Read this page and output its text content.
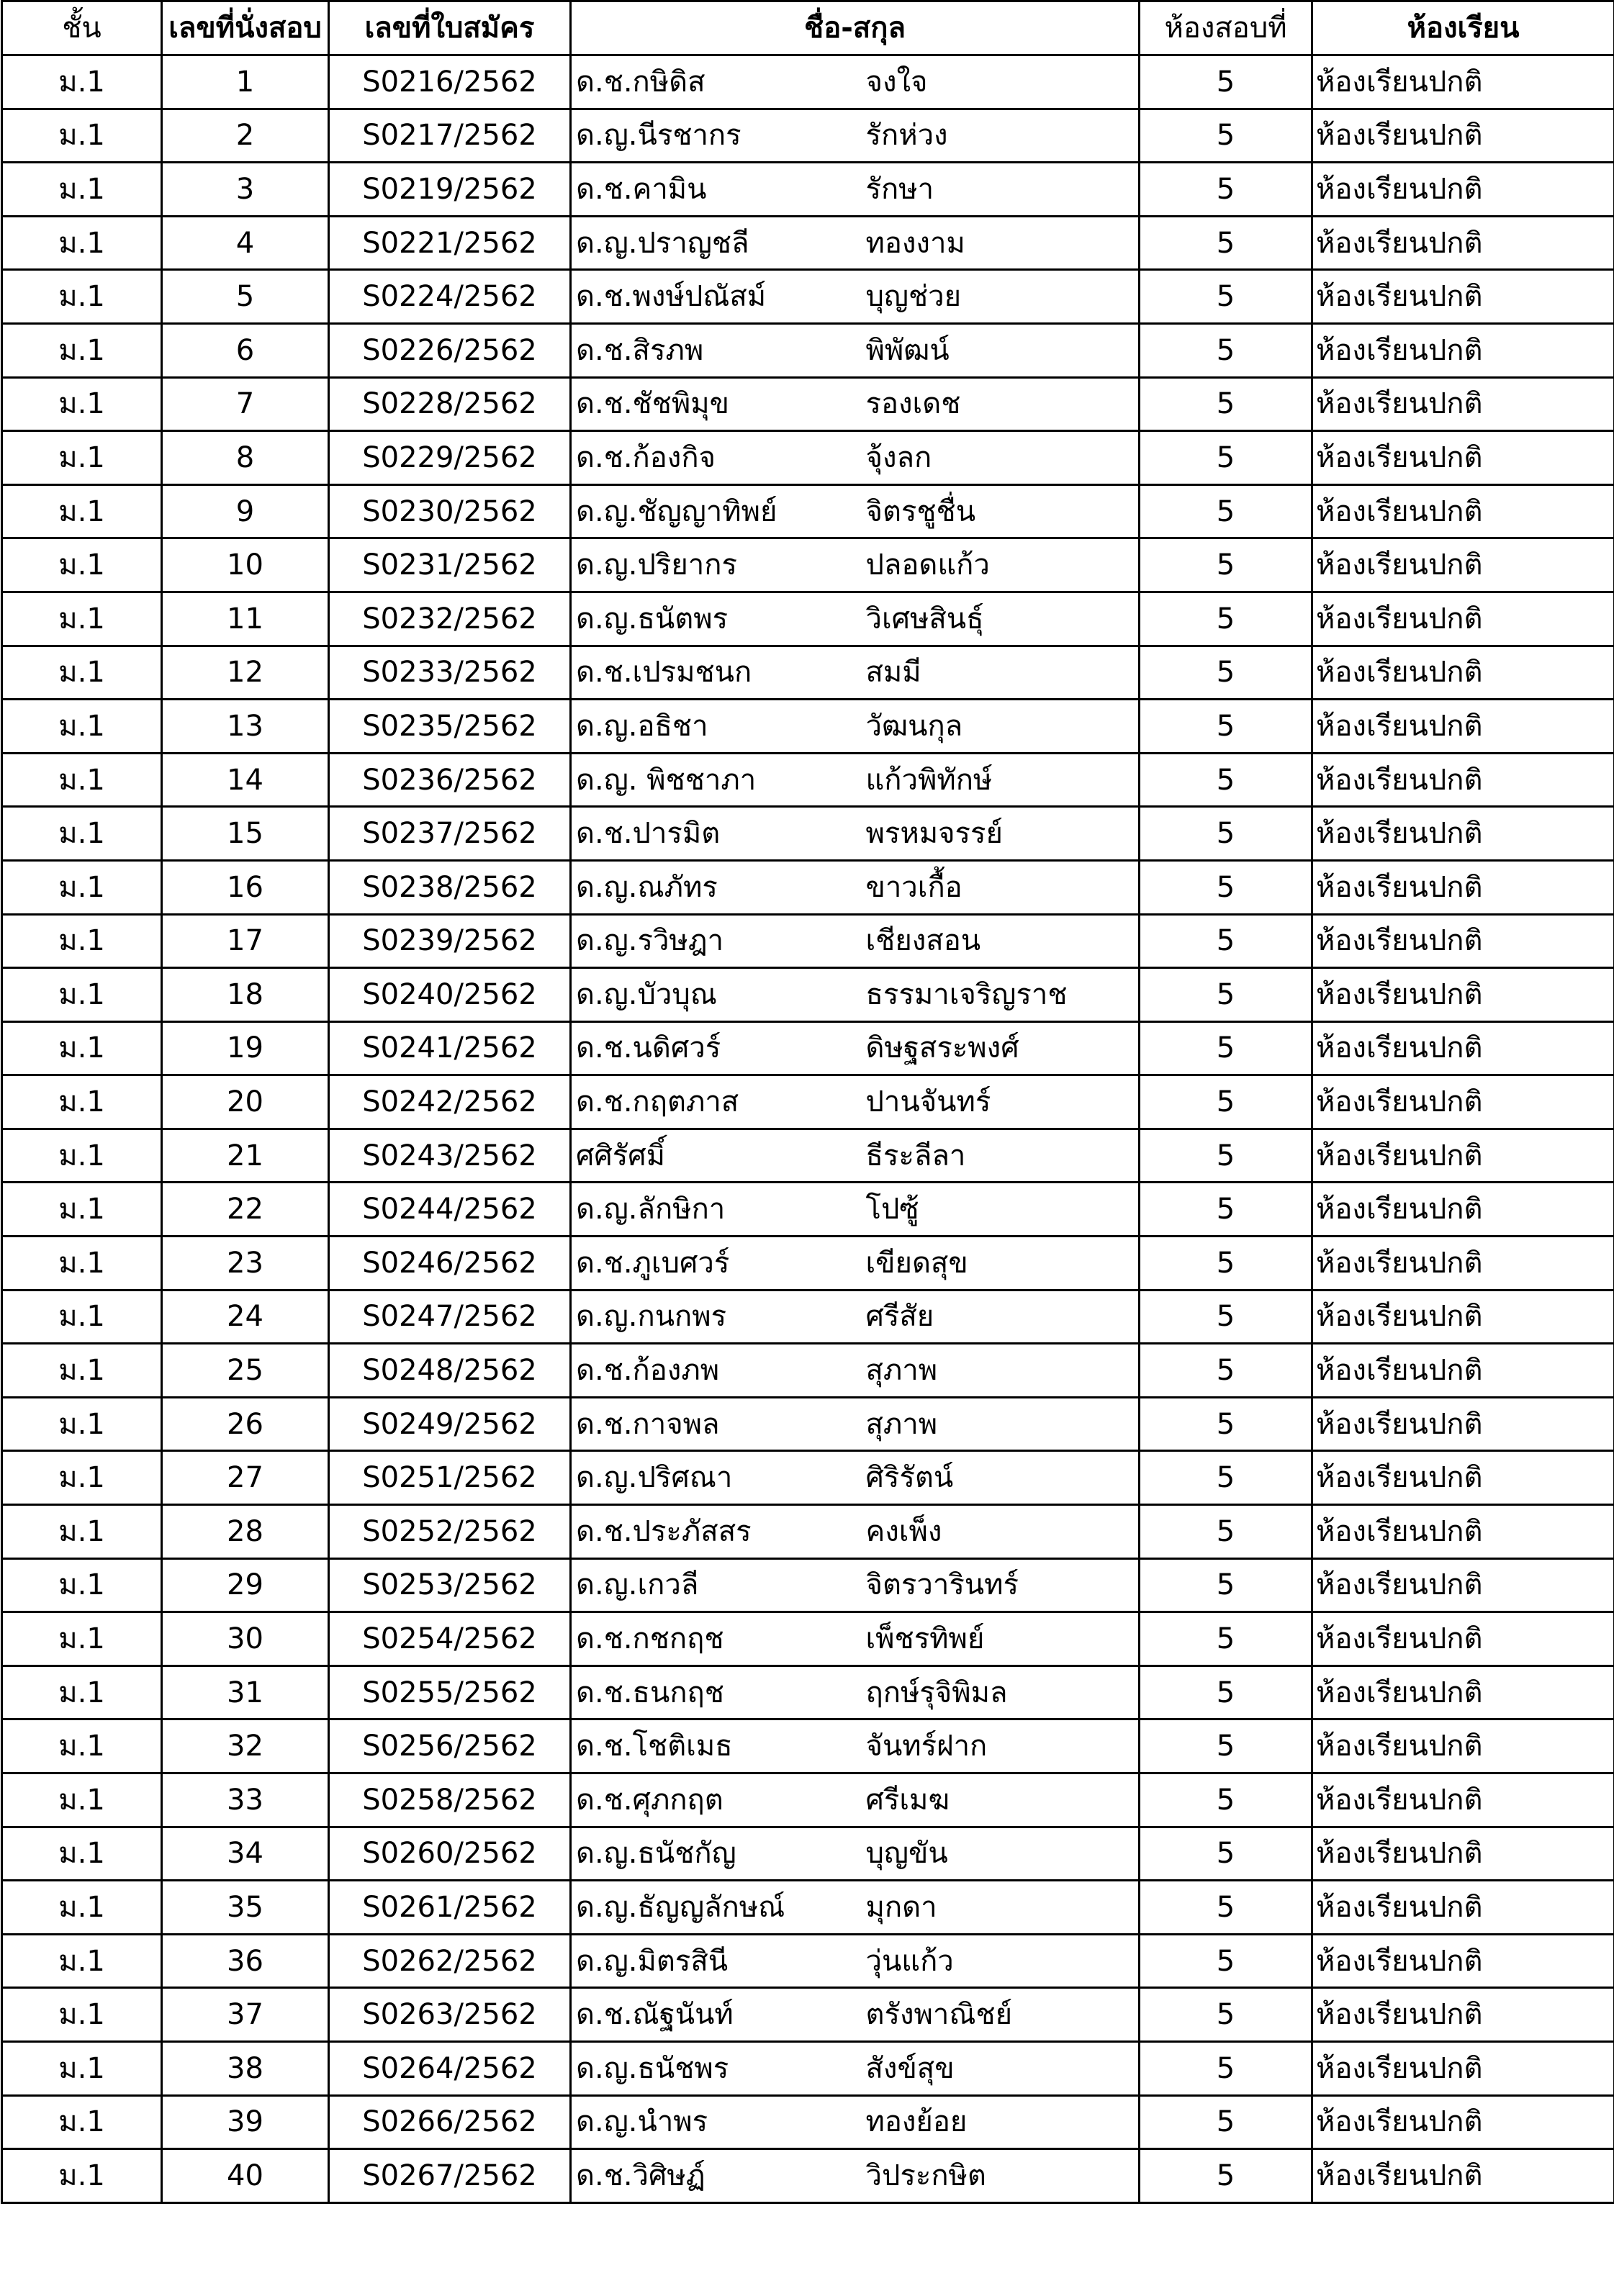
ชั้น	เลขที่นั่งสอบ	เลขที่ใบสมัคร	ชื่อ-สกุล		ห้องสอบที่	ห้องเรียน
ม.1	1	S0216/2562	ด.ช.กษิดิส	จงใจ	5	ห้องเรียนปกติ
ม.1	2	S0217/2562	ด.ญ.นีรชากร	รักห่วง	5	ห้องเรียนปกติ
ม.1	3	S0219/2562	ด.ช.คามิน	รักษา	5	ห้องเรียนปกติ
ม.1	4	S0221/2562	ด.ญ.ปราญชลี	ทองงาม	5	ห้องเรียนปกติ
ม.1	5	S0224/2562	ด.ช.พงษ์ปณัสม์	บุญช่วย	5	ห้องเรียนปกติ
ม.1	6	S0226/2562	ด.ช.สิรภพ	พิพัฒน์	5	ห้องเรียนปกติ
ม.1	7	S0228/2562	ด.ช.ชัชพิมุข	รองเดช	5	ห้องเรียนปกติ
ม.1	8	S0229/2562	ด.ช.ก้องกิจ	จุ้งลก	5	ห้องเรียนปกติ
ม.1	9	S0230/2562	ด.ญ.ชัญญาทิพย์	จิตรชูชื่น	5	ห้องเรียนปกติ
ม.1	10	S0231/2562	ด.ญ.ปริยากร	ปลอดแก้ว	5	ห้องเรียนปกติ
ม.1	11	S0232/2562	ด.ญ.ธนัตพร	วิเศษสินธุ์	5	ห้องเรียนปกติ
ม.1	12	S0233/2562	ด.ช.เปรมชนก	สมมี	5	ห้องเรียนปกติ
ม.1	13	S0235/2562	ด.ญ.อธิชา	วัฒนกุล	5	ห้องเรียนปกติ
ม.1	14	S0236/2562	ด.ญ. พิชชาภา	แก้วพิทักษ์	5	ห้องเรียนปกติ
ม.1	15	S0237/2562	ด.ช.ปารมิต	พรหมจรรย์	5	ห้องเรียนปกติ
ม.1	16	S0238/2562	ด.ญ.ณภัทร	ขาวเกื้อ	5	ห้องเรียนปกติ
ม.1	17	S0239/2562	ด.ญ.รวิษฎา	เชียงสอน	5	ห้องเรียนปกติ
ม.1	18	S0240/2562	ด.ญ.บัวบุณ	ธรรมาเจริญราช	5	ห้องเรียนปกติ
ม.1	19	S0241/2562	ด.ช.นดิศวร์	ดิษฐสระพงศ์	5	ห้องเรียนปกติ
ม.1	20	S0242/2562	ด.ช.กฤตภาส	ปานจันทร์	5	ห้องเรียนปกติ
ม.1	21	S0243/2562	ศศิรัศมิ์	ธีระลีลา	5	ห้องเรียนปกติ
ม.1	22	S0244/2562	ด.ญ.ลักษิกา	โปซู้	5	ห้องเรียนปกติ
ม.1	23	S0246/2562	ด.ช.ภูเบศวร์	เขียดสุข	5	ห้องเรียนปกติ
ม.1	24	S0247/2562	ด.ญ.กนกพร	ศรีสัย	5	ห้องเรียนปกติ
ม.1	25	S0248/2562	ด.ช.ก้องภพ	สุภาพ	5	ห้องเรียนปกติ
ม.1	26	S0249/2562	ด.ช.กาจพล	สุภาพ	5	ห้องเรียนปกติ
ม.1	27	S0251/2562	ด.ญ.ปริศณา	ศิริรัตน์	5	ห้องเรียนปกติ
ม.1	28	S0252/2562	ด.ช.ประภัสสร	คงเพ็ง	5	ห้องเรียนปกติ
ม.1	29	S0253/2562	ด.ญ.เกวลี	จิตรวารินทร์	5	ห้องเรียนปกติ
ม.1	30	S0254/2562	ด.ช.กชกฤช	เพ็ชรทิพย์	5	ห้องเรียนปกติ
ม.1	31	S0255/2562	ด.ช.ธนกฤช	ฤกษ์รุจิพิมล	5	ห้องเรียนปกติ
ม.1	32	S0256/2562	ด.ช.โชติเมธ	จันทร์ฝาก	5	ห้องเรียนปกติ
ม.1	33	S0258/2562	ด.ช.ศุภกฤต	ศรีเมฆ	5	ห้องเรียนปกติ
ม.1	34	S0260/2562	ด.ญ.ธนัชกัญ	บุญขัน	5	ห้องเรียนปกติ
ม.1	35	S0261/2562	ด.ญ.ธัญญลักษณ์	มุกดา	5	ห้องเรียนปกติ
ม.1	36	S0262/2562	ด.ญ.มิตรสินี	วุ่นแก้ว	5	ห้องเรียนปกติ
ม.1	37	S0263/2562	ด.ช.ณัฐนันท์	ตรังพาณิชย์	5	ห้องเรียนปกติ
ม.1	38	S0264/2562	ด.ญ.ธนัชพร	สังข์สุข	5	ห้องเรียนปกติ
ม.1	39	S0266/2562	ด.ญ.นำพร	ทองย้อย	5	ห้องเรียนปกติ
ม.1	40	S0267/2562	ด.ช.วิศิษฏ์	วิประกษิต	5	ห้องเรียนปกติ
